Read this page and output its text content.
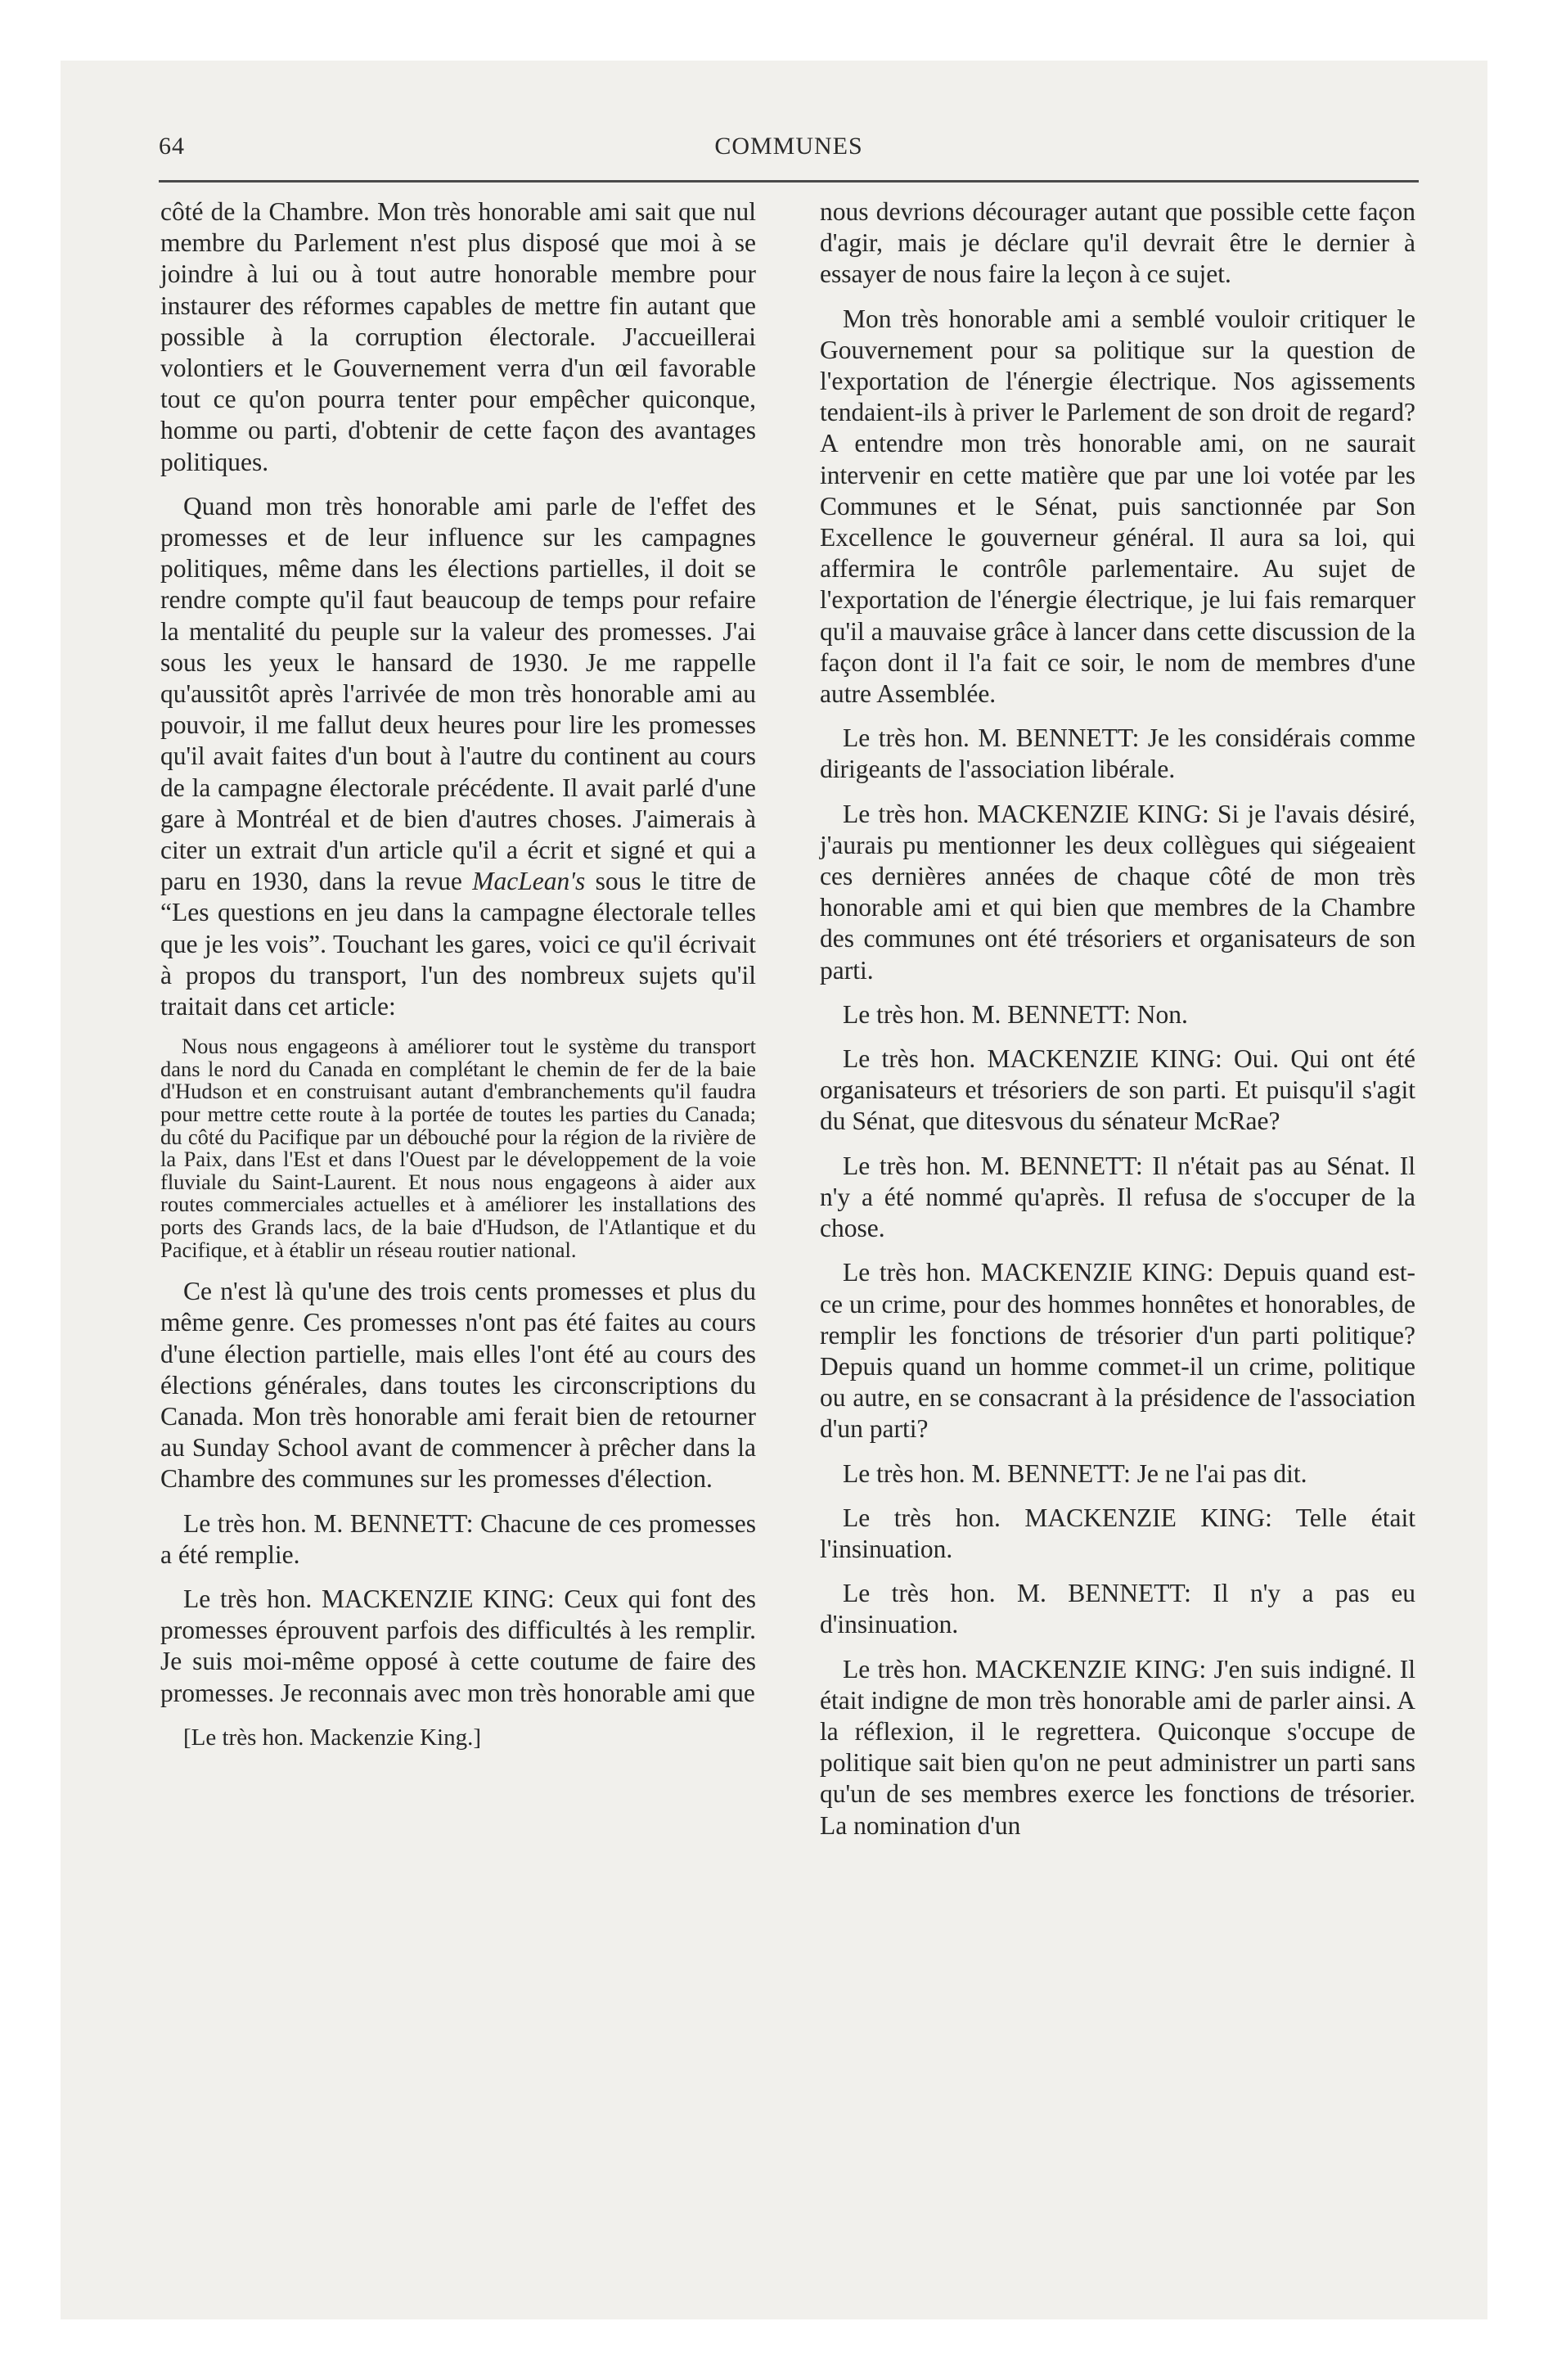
64	COMMUNES

côté de la Chambre. Mon très honorable ami sait que nul membre du Parlement n'est plus disposé que moi à se joindre à lui ou à tout autre honorable membre pour instaurer des réformes capables de mettre fin autant que possible à la corruption électorale. J'accueillerai volontiers et le Gouvernement verra d'un œil favorable tout ce qu'on pourra tenter pour empêcher quiconque, homme ou parti, d'obtenir de cette façon des avantages politiques.

Quand mon très honorable ami parle de l'effet des promesses et de leur influence sur les campagnes politiques, même dans les élections partielles, il doit se rendre compte qu'il faut beaucoup de temps pour refaire la mentalité du peuple sur la valeur des promesses. J'ai sous les yeux le hansard de 1930. Je me rappelle qu'aussitôt après l'arrivée de mon très honorable ami au pouvoir, il me fallut deux heures pour lire les promesses qu'il avait faites d'un bout à l'autre du continent au cours de la campagne électorale précédente. Il avait parlé d'une gare à Montréal et de bien d'autres choses. J'aimerais à citer un extrait d'un article qu'il a écrit et signé et qui a paru en 1930, dans la revue MacLean's sous le titre de “Les questions en jeu dans la campagne électorale telles que je les vois”. Touchant les gares, voici ce qu'il écrivait à propos du transport, l'un des nombreux sujets qu'il traitait dans cet article:

Nous nous engageons à améliorer tout le système du transport dans le nord du Canada en complétant le chemin de fer de la baie d'Hudson et en construisant autant d'embranchements qu'il faudra pour mettre cette route à la portée de toutes les parties du Canada; du côté du Pacifique par un débouché pour la région de la rivière de la Paix, dans l'Est et dans l'Ouest par le développement de la voie fluviale du Saint-Laurent. Et nous nous engageons à aider aux routes commerciales actuelles et à améliorer les installations des ports des Grands lacs, de la baie d'Hudson, de l'Atlantique et du Pacifique, et à établir un réseau routier national.

Ce n'est là qu'une des trois cents promesses et plus du même genre. Ces promesses n'ont pas été faites au cours d'une élection partielle, mais elles l'ont été au cours des élections générales, dans toutes les circonscriptions du Canada. Mon très honorable ami ferait bien de retourner au Sunday School avant de commencer à prêcher dans la Chambre des communes sur les promesses d'élection.

Le très hon. M. BENNETT: Chacune de ces promesses a été remplie.

Le très hon. MACKENZIE KING: Ceux qui font des promesses éprouvent parfois des difficultés à les remplir. Je suis moi-même opposé à cette coutume de faire des promesses. Je reconnais avec mon très honorable ami que

[Le très hon. Mackenzie King.]

nous devrions décourager autant que possible cette façon d'agir, mais je déclare qu'il devrait être le dernier à essayer de nous faire la leçon à ce sujet.

Mon très honorable ami a semblé vouloir critiquer le Gouvernement pour sa politique sur la question de l'exportation de l'énergie électrique. Nos agissements tendaient-ils à priver le Parlement de son droit de regard? A entendre mon très honorable ami, on ne saurait intervenir en cette matière que par une loi votée par les Communes et le Sénat, puis sanctionnée par Son Excellence le gouverneur général. Il aura sa loi, qui affermira le contrôle parlementaire. Au sujet de l'exportation de l'énergie électrique, je lui fais remarquer qu'il a mauvaise grâce à lancer dans cette discussion de la façon dont il l'a fait ce soir, le nom de membres d'une autre Assemblée.

Le très hon. M. BENNETT: Je les considérais comme dirigeants de l'association libérale.

Le très hon. MACKENZIE KING: Si je l'avais désiré, j'aurais pu mentionner les deux collègues qui siégeaient ces dernières années de chaque côté de mon très honorable ami et qui bien que membres de la Chambre des communes ont été trésoriers et organisateurs de son parti.

Le très hon. M. BENNETT: Non.

Le très hon. MACKENZIE KING: Oui. Qui ont été organisateurs et trésoriers de son parti. Et puisqu'il s'agit du Sénat, que ditesvous du sénateur McRae?

Le très hon. M. BENNETT: Il n'était pas au Sénat. Il n'y a été nommé qu'après. Il refusa de s'occuper de la chose.

Le très hon. MACKENZIE KING: Depuis quand est-ce un crime, pour des hommes honnêtes et honorables, de remplir les fonctions de trésorier d'un parti politique? Depuis quand un homme commet-il un crime, politique ou autre, en se consacrant à la présidence de l'association d'un parti?

Le très hon. M. BENNETT: Je ne l'ai pas dit.

Le très hon. MACKENZIE KING: Telle était l'insinuation.

Le très hon. M. BENNETT: Il n'y a pas eu d'insinuation.

Le très hon. MACKENZIE KING: J'en suis indigné. Il était indigne de mon très honorable ami de parler ainsi. A la réflexion, il le regrettera. Quiconque s'occupe de politique sait bien qu'on ne peut administrer un parti sans qu'un de ses membres exerce les fonctions de trésorier. La nomination d'un
